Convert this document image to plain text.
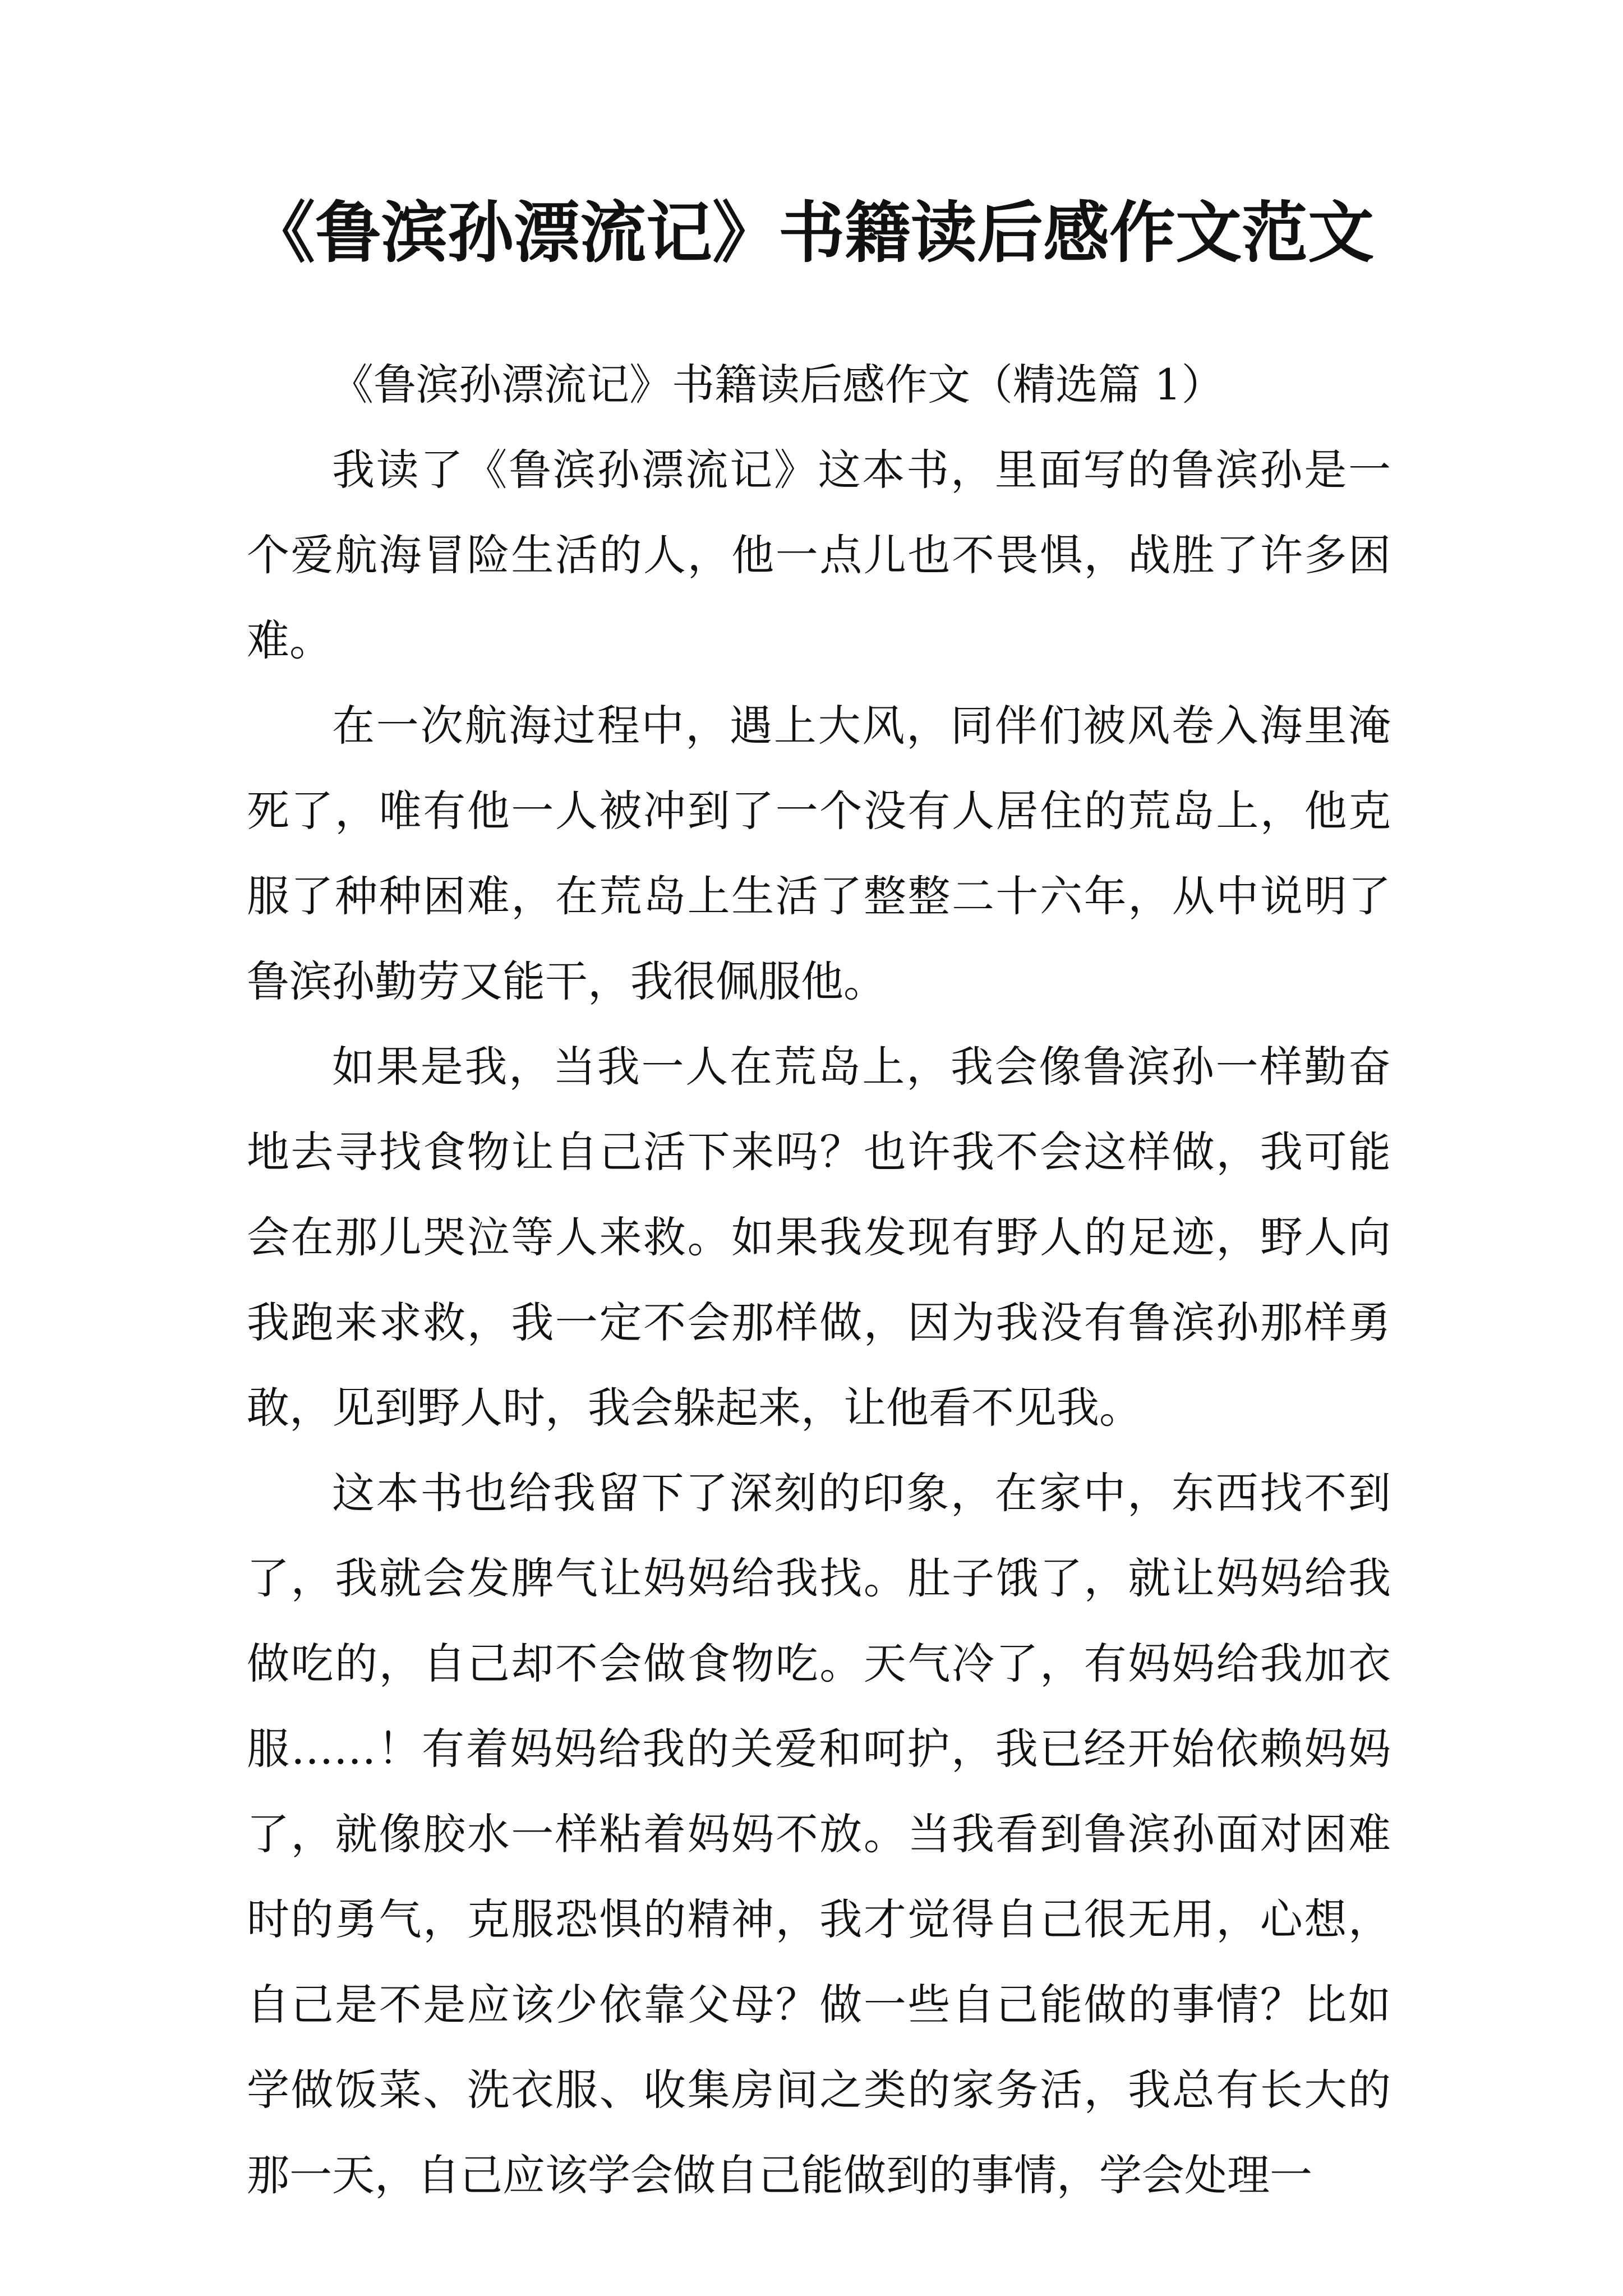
《鲁滨孙漂流记》书籍读后感作文范文

《鲁滨孙漂流记》书籍读后感作文（精选篇 1）

我读了《鲁滨孙漂流记》这本书，里面写的鲁滨孙是一个爱航海冒险生活的人，他一点儿也不畏惧，战胜了许多困难。

在一次航海过程中，遇上大风，同伴们被风卷入海里淹死了，唯有他一人被冲到了一个没有人居住的荒岛上，他克服了种种困难，在荒岛上生活了整整二十六年，从中说明了鲁滨孙勤劳又能干，我很佩服他。

如果是我，当我一人在荒岛上，我会像鲁滨孙一样勤奋地去寻找食物让自己活下来吗？也许我不会这样做，我可能会在那儿哭泣等人来救。如果我发现有野人的足迹，野人向我跑来求救，我一定不会那样做，因为我没有鲁滨孙那样勇敢，见到野人时，我会躲起来，让他看不见我。

这本书也给我留下了深刻的印象，在家中，东西找不到了，我就会发脾气让妈妈给我找。肚子饿了，就让妈妈给我做吃的，自己却不会做食物吃。天气冷了，有妈妈给我加衣服……！有着妈妈给我的关爱和呵护，我已经开始依赖妈妈了，就像胶水一样粘着妈妈不放。当我看到鲁滨孙面对困难时的勇气，克服恐惧的精神，我才觉得自己很无用，心想，自己是不是应该少依靠父母？做一些自己能做的事情？比如学做饭菜、洗衣服、收集房间之类的家务活，我总有长大的那一天，自己应该学会做自己能做到的事情，学会处理一
